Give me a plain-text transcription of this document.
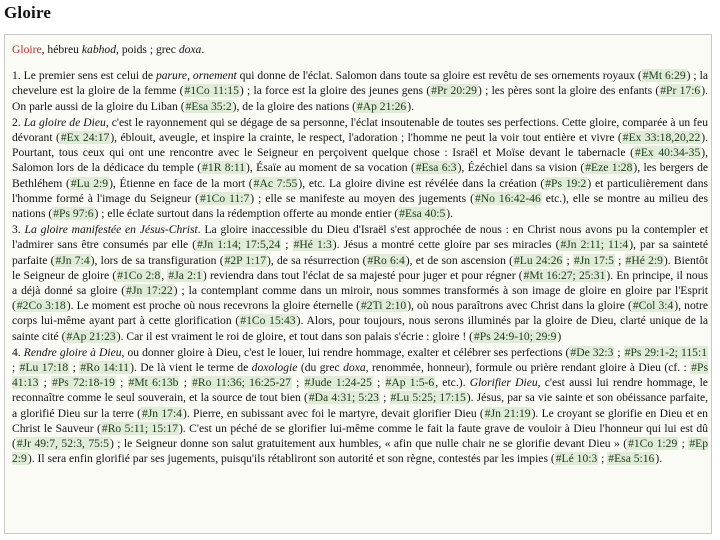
Gloire

Gloire, hébreu kabhod, poids ; grec doxa.

1. Le premier sens est celui de parure, ornement qui donne de l'éclat. Salomon dans toute sa gloire est revêtu de ses ornements royaux (#Mt 6:29) ; la chevelure est la gloire de la femme (#1Co 11:15) ; la force est la gloire des jeunes gens (#Pr 20:29) ; les pères sont la gloire des enfants (#Pr 17:6). On parle aussi de la gloire du Liban (#Esa 35:2), de la gloire des nations (#Ap 21:26).
2. La gloire de Dieu, c'est le rayonnement qui se dégage de sa personne, l'éclat insoutenable de toutes ses perfections. Cette gloire, comparée à un feu dévorant (#Ex 24:17), éblouit, aveugle, et inspire la crainte, le respect, l'adoration ; l'homme ne peut la voir tout entière et vivre (#Ex 33:18,20,22). Pourtant, tous ceux qui ont une rencontre avec le Seigneur en perçoivent quelque chose : Israël et Moïse devant le tabernacle (#Ex 40:34-35), Salomon lors de la dédicace du temple (#1R 8:11), Ésaïe au moment de sa vocation (#Esa 6:3), Ézéchiel dans sa vision (#Eze 1:28), les bergers de Bethléhem (#Lu 2:9), Étienne en face de la mort (#Ac 7:55), etc. La gloire divine est révélée dans la création (#Ps 19:2) et particulièrement dans l'homme formé à l'image du Seigneur (#1Co 11:7) ; elle se manifeste au moyen des jugements (#No 16:42-46 etc.), elle se montre au milieu des nations (#Ps 97:6) ; elle éclate surtout dans la rédemption offerte au monde entier (#Esa 40:5).
3. La gloire manifestée en Jésus-Christ. La gloire inaccessible du Dieu d'Israël s'est approchée de nous : en Christ nous avons pu la contempler et l'admirer sans être consumés par elle (#Jn 1:14; 17:5,24 ; #Hé 1:3). Jésus a montré cette gloire par ses miracles (#Jn 2:11; 11:4), par sa sainteté parfaite (#Jn 7:4), lors de sa transfiguration (#2P 1:17), de sa résurrection (#Ro 6:4), et de son ascension (#Lu 24:26 ; #Jn 17:5 ; #Hé 2:9). Bientôt le Seigneur de gloire (#1Co 2:8, #Ja 2:1) reviendra dans tout l'éclat de sa majesté pour juger et pour régner (#Mt 16:27; 25:31). En principe, il nous a déjà donné sa gloire (#Jn 17:22) ; la contemplant comme dans un miroir, nous sommes transformés à son image de gloire en gloire par l'Esprit (#2Co 3:18). Le moment est proche où nous recevrons la gloire éternelle (#2Ti 2:10), où nous paraîtrons avec Christ dans la gloire (#Col 3:4), notre corps lui-même ayant part à cette glorification (#1Co 15:43). Alors, pour toujours, nous serons illuminés par la gloire de Dieu, clarté unique de la sainte cité (#Ap 21:23). Car il est vraiment le roi de gloire, et tout dans son palais s'écrie : gloire ! (#Ps 24:9-10; 29:9)
4. Rendre gloire à Dieu, ou donner gloire à Dieu, c'est le louer, lui rendre hommage, exalter et célébrer ses perfections (#De 32:3 ; #Ps 29:1-2; 115:1 ; #Lu 17:18 ; #Ro 14:11). De là vient le terme de doxologie (du grec doxa, renommée, honneur), formule ou prière rendant gloire à Dieu (cf. : #Ps 41:13 ; #Ps 72:18-19 ; #Mt 6:13b ; #Ro 11:36; 16:25-27 ; #Jude 1:24-25 ; #Ap 1:5-6, etc.). Glorifier Dieu, c'est aussi lui rendre hommage, le reconnaître comme le seul souverain, et la source de tout bien (#Da 4:31; 5:23 ; #Lu 5:25; 17:15). Jésus, par sa vie sainte et son obéissance parfaite, a glorifié Dieu sur la terre (#Jn 17:4). Pierre, en subissant avec foi le martyre, devait glorifier Dieu (#Jn 21:19). Le croyant se glorifie en Dieu et en Christ le Sauveur (#Ro 5:11; 15:17). C'est un péché de se glorifier lui-même comme le fait la faute grave de vouloir à Dieu l'honneur qui lui est dû (#Jr 49:7, 52:3, 75:5) ; le Seigneur donne son salut gratuitement aux humbles, « afin que nulle chair ne se glorifie devant Dieu » (#1Co 1:29 ; #Ep 2:9). Il sera enfin glorifié par ses jugements, puisqu'ils rétabliront son autorité et son règne, contestés par les impies (#Lé 10:3 ; #Esa 5:16).
